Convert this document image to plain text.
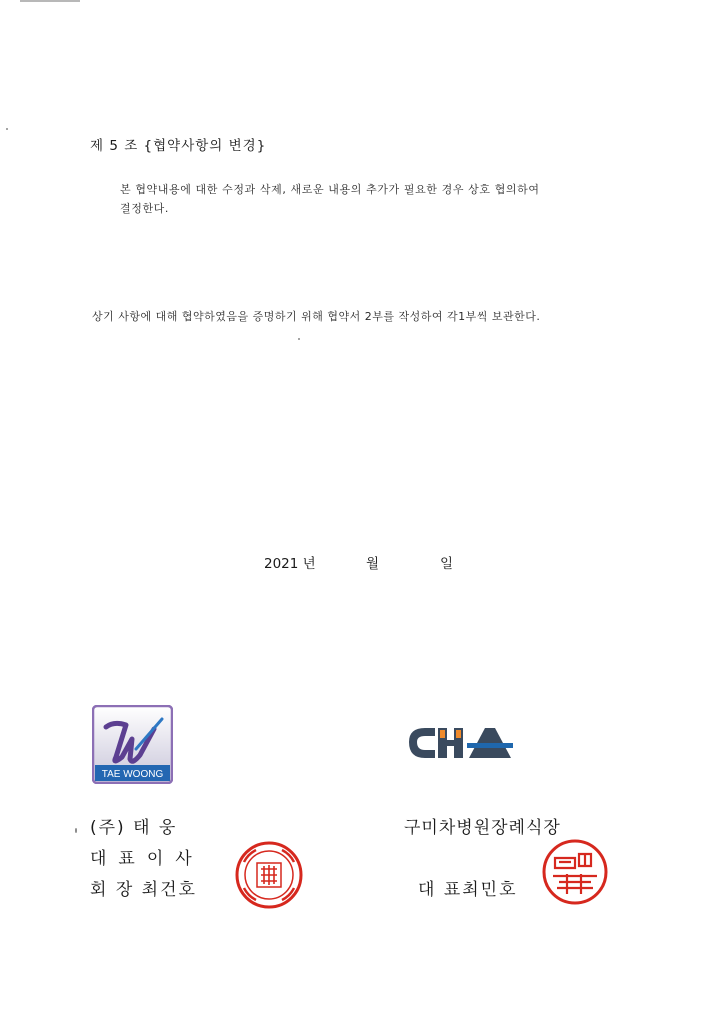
제 5 조 {협약사항의 변경}
본 협약내용에 대한 수정과 삭제, 새로운 내용의 추가가 필요한 경우 상호 협의하여
결정한다.
상기 사항에 대해 협약하였음을 증명하기 위해 협약서 2부를 작성하여 각1부씩 보관한다.
2021 년	월	일
TAE WOONG
CHA
(주) 태 웅
대표이사
회 장 최건호
구미차병원장례식장
대 표최민호
태웅
장례
